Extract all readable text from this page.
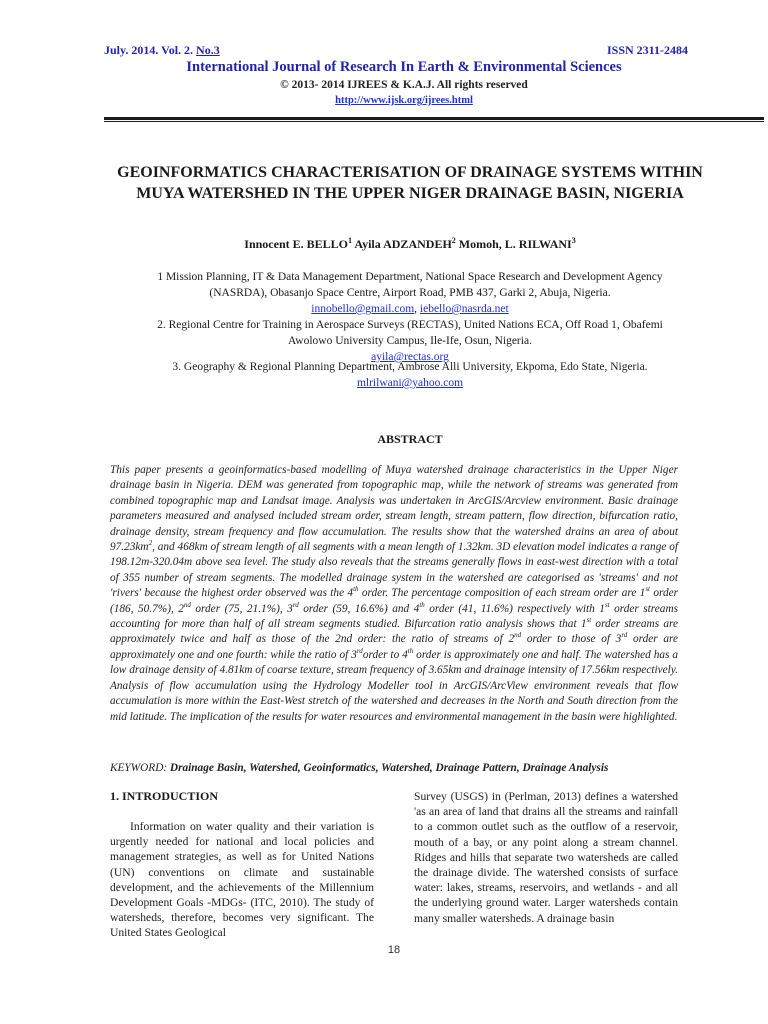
July. 2014. Vol. 2. No.3	ISSN 2311-2484
International Journal of Research In Earth & Environmental Sciences
© 2013- 2014 IJREES & K.A.J. All rights reserved
http://www.ijsk.org/ijrees.html
GEOINFORMATICS CHARACTERISATION OF DRAINAGE SYSTEMS WITHIN MUYA WATERSHED IN THE UPPER NIGER DRAINAGE BASIN, NIGERIA
Innocent E. BELLO$^1$ Ayila ADZANDEH$^2$ Momoh, L. RILWANI$^3$
1 Mission Planning, IT & Data Management Department, National Space Research and Development Agency
(NASRDA), Obasanjo Space Centre, Airport Road, PMB 437, Garki 2, Abuja, Nigeria.
innobello@gmail.com, iebello@nasrda.net
2. Regional Centre for Training in Aerospace Surveys (RECTAS), United Nations ECA, Off Road 1, Obafemi
Awolowo University Campus, Ile-Ife, Osun, Nigeria.
ayila@rectas.org
3. Geography & Regional Planning Department, Ambrose Alli University, Ekpoma, Edo State, Nigeria.
mlrilwani@yahoo.com
ABSTRACT
This paper presents a geoinformatics-based modelling of Muya watershed drainage characteristics in the Upper Niger drainage basin in Nigeria. DEM was generated from topographic map, while the network of streams was generated from combined topographic map and Landsat image. Analysis was undertaken in ArcGIS/Arcview environment. Basic drainage parameters measured and analysed included stream order, stream length, stream pattern, flow direction, bifurcation ratio, drainage density, stream frequency and flow accumulation. The results show that the watershed drains an area of about $97.23km^2$, and 468km of stream length of all segments with a mean length of 1.32km. 3D elevation model indicates a range of 198.12m-320.04m above sea level. The study also reveals that the streams generally flows in east-west direction with a total of 355 number of stream segments. The modelled drainage system in the watershed are categorised as 'streams' and not 'rivers' because the highest order observed was the 4th order. The percentage composition of each stream order are 1st order (186, 50.7%), 2nd order (75, 21.1%), 3rd order (59, 16.6%) and 4th order (41, 11.6%) respectively with 1st order streams accounting for more than half of all stream segments studied. Bifurcation ratio analysis shows that 1st order streams are approximately twice and half as those of the 2nd order: the ratio of streams of 2nd order to those of 3rd order are approximately one and one fourth: while the ratio of 3rdorder to 4th order is approximately one and half. The watershed has a low drainage density of 4.81km of coarse texture, stream frequency of 3.65km and drainage intensity of 17.56km respectively. Analysis of flow accumulation using the Hydrology Modeller tool in ArcGIS/ArcView environment reveals that flow accumulation is more within the East-West stretch of the watershed and decreases in the North and South direction from the mid latitude. The implication of the results for water resources and environmental management in the basin were highlighted.
KEYWORD: Drainage Basin, Watershed, Geoinformatics, Watershed, Drainage Pattern, Drainage Analysis
1. INTRODUCTION
Information on water quality and their variation is urgently needed for national and local policies and management strategies, as well as for United Nations (UN) conventions on climate and sustainable development, and the achievements of the Millennium Development Goals -MDGs- (ITC, 2010). The study of watersheds, therefore, becomes very significant. The United States Geological
Survey (USGS) in (Perlman, 2013) defines a watershed 'as an area of land that drains all the streams and rainfall to a common outlet such as the outflow of a reservoir, mouth of a bay, or any point along a stream channel. Ridges and hills that separate two watersheds are called the drainage divide. The watershed consists of surface water: lakes, streams, reservoirs, and wetlands - and all the underlying ground water. Larger watersheds contain many smaller watersheds. A drainage basin
18
